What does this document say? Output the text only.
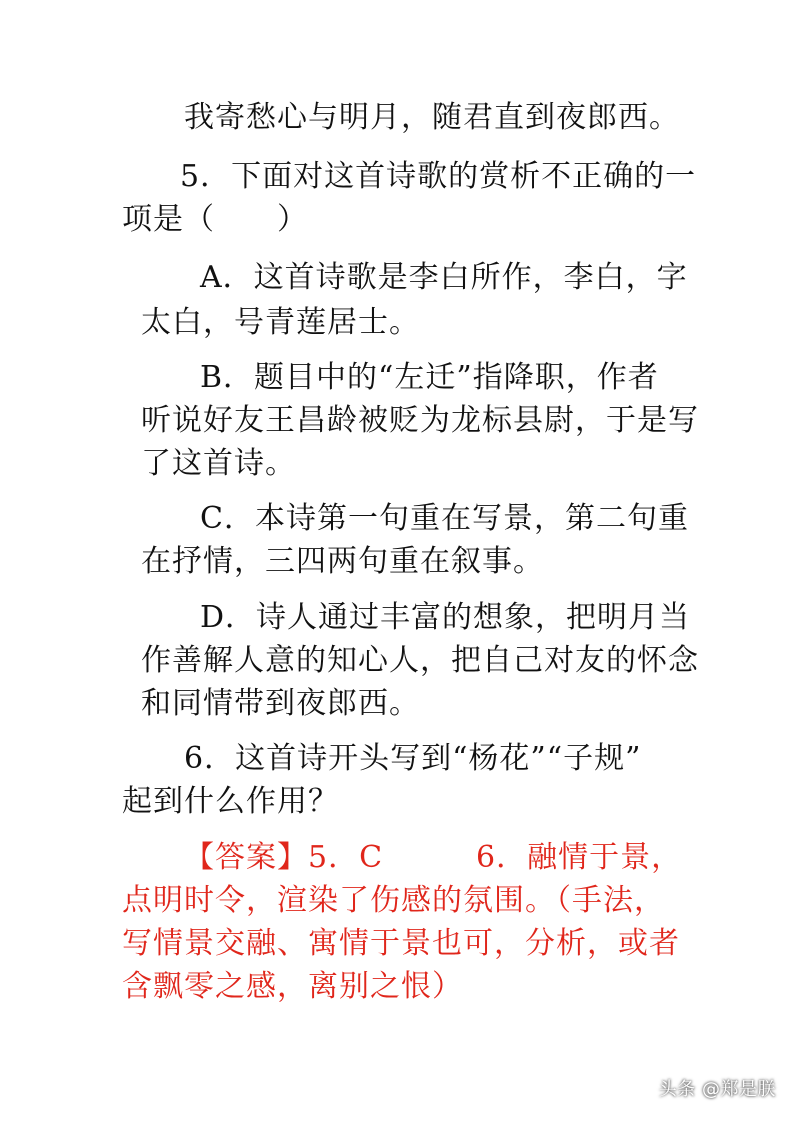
我寄愁心与明月，随君直到夜郎西。
5．下面对这首诗歌的赏析不正确的一
项是（　　）
A．这首诗歌是李白所作，李白，字
太白，号青莲居士。
B．题目中的“左迁”指降职，作者
听说好友王昌龄被贬为龙标县尉，于是写
了这首诗。
C．本诗第一句重在写景，第二句重
在抒情，三四两句重在叙事。
D．诗人通过丰富的想象，把明月当
作善解人意的知心人，把自己对友的怀念
和同情带到夜郎西。
6．这首诗开头写到“杨花”“子规”
起到什么作用？
【答案】5．C　　　6．融情于景，
点明时令，渲染了伤感的氛围。（手法，
写情景交融、寓情于景也可，分析，或者
含飘零之感，离别之恨）
头条 @郑是朕
